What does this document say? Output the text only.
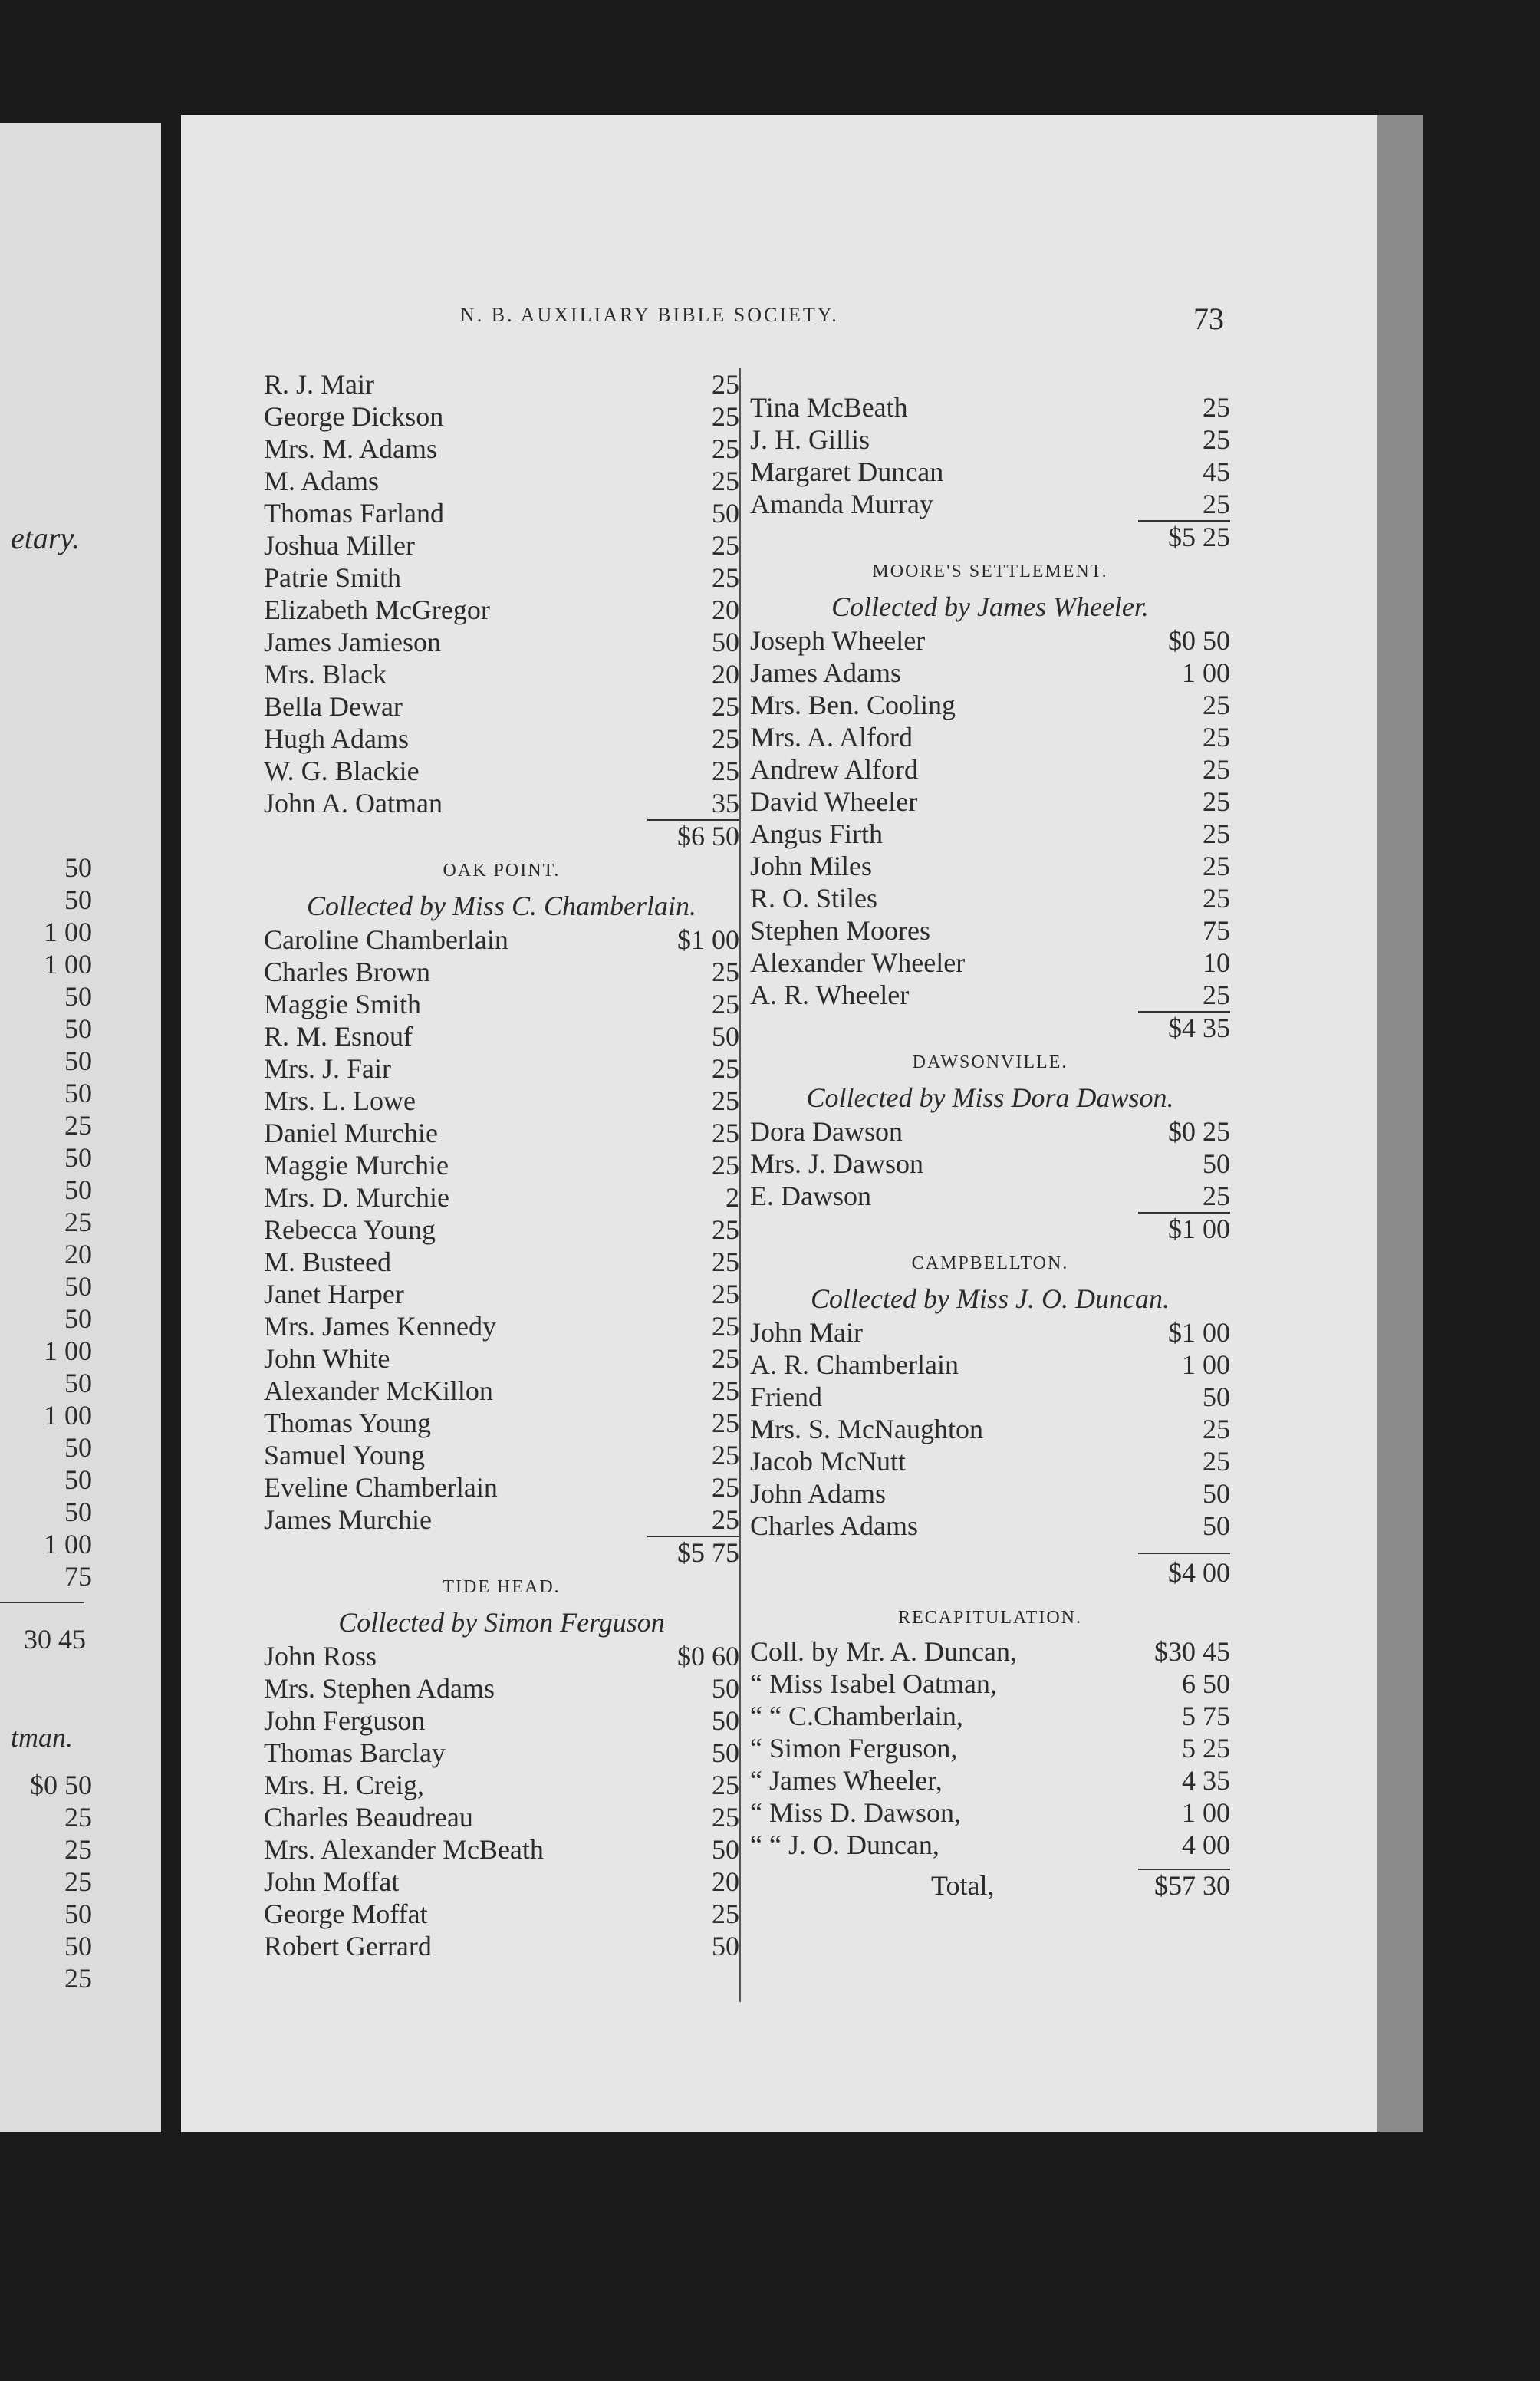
etary.
50
50
1 00
1 00
50
50
50
50
25
50
50
25
20
50
50
1 00
50
1 00
50
50
50
1 00
75
30 45
tman.
$0 50
25
25
25
50
50
25
N. B. AUXILIARY BIBLE SOCIETY.	73
R. J. Mair	25
George Dickson	25
Mrs. M. Adams	25
M. Adams	25
Thomas Farland	50
Joshua Miller	25
Patrie Smith	25
Elizabeth McGregor	20
James Jamieson	50
Mrs. Black	20
Bella Dewar	25
Hugh Adams	25
W. G. Blackie	25
John A. Oatman	35
$6 50
OAK POINT.
Collected by Miss C. Chamberlain.
Caroline Chamberlain	$1 00
Charles Brown	25
Maggie Smith	25
R. M. Esnouf	50
Mrs. J. Fair	25
Mrs. L. Lowe	25
Daniel Murchie	25
Maggie Murchie	25
Mrs. D. Murchie	2
Rebecca Young	25
M. Busteed	25
Janet Harper	25
Mrs. James Kennedy	25
John White	25
Alexander McKillon	25
Thomas Young	25
Samuel Young	25
Eveline Chamberlain	25
James Murchie	25
$5 75
TIDE HEAD.
Collected by Simon Ferguson
John Ross	$0 60
Mrs. Stephen Adams	50
John Ferguson	50
Thomas Barclay	50
Mrs. H. Creig,	25
Charles Beaudreau	25
Mrs. Alexander McBeath	50
John Moffat	20
George Moffat	25
Robert Gerrard	50
Tina McBeath	25
J. H. Gillis	25
Margaret Duncan	45
Amanda Murray	25
$5 25
MOORE'S SETTLEMENT.
Collected by James Wheeler.
Joseph Wheeler	$0 50
James Adams	1 00
Mrs. Ben. Cooling	25
Mrs. A. Alford	25
Andrew Alford	25
David Wheeler	25
Angus Firth	25
John Miles	25
R. O. Stiles	25
Stephen Moores	75
Alexander Wheeler	10
A. R. Wheeler	25
$4 35
DAWSONVILLE.
Collected by Miss Dora Dawson.
Dora Dawson	$0 25
Mrs. J. Dawson	50
E. Dawson	25
$1 00
CAMPBELLTON.
Collected by Miss J. O. Duncan.
John Mair	$1 00
A. R. Chamberlain	1 00
Friend	50
Mrs. S. McNaughton	25
Jacob McNutt	25
John Adams	50
Charles Adams	50
$4 00
RECAPITULATION.
Coll. by Mr. A. Duncan,	$30 45
“ Miss Isabel Oatman,	6 50
“ “ C.Chamberlain,	5 75
“ Simon Ferguson,	5 25
“ James Wheeler,	4 35
“ Miss D. Dawson,	1 00
“ “ J. O. Duncan,	4 00
Total,	$57 30
